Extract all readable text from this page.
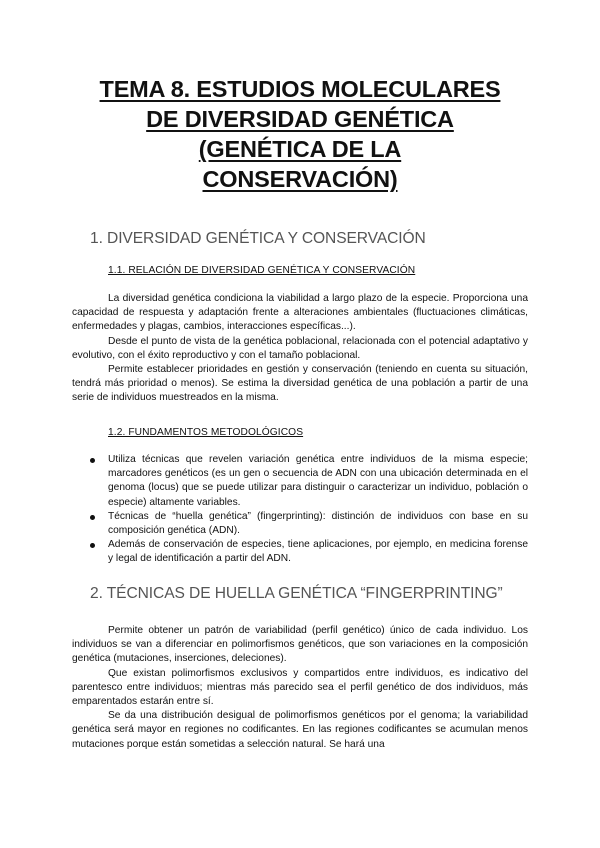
TEMA 8. ESTUDIOS MOLECULARES
DE DIVERSIDAD GENÉTICA
(GENÉTICA DE LA
CONSERVACIÓN)
1. DIVERSIDAD GENÉTICA Y CONSERVACIÓN
1.1. RELACIÓN DE DIVERSIDAD GENÉTICA Y CONSERVACIÓN

La diversidad genética condiciona la viabilidad a largo plazo de la especie. Proporciona una capacidad de respuesta y adaptación frente a alteraciones ambientales (fluctuaciones climáticas, enfermedades y plagas, cambios, interacciones específicas...).

Desde el punto de vista de la genética poblacional, relacionada con el potencial adaptativo y evolutivo, con el éxito reproductivo y con el tamaño poblacional.

Permite establecer prioridades en gestión y conservación (teniendo en cuenta su situación, tendrá más prioridad o menos). Se estima la diversidad genética de una población a partir de una serie de individuos muestreados en la misma.

1.2. FUNDAMENTOS METODOLÓGICOS
Utiliza técnicas que revelen variación genética entre individuos de la misma especie; marcadores genéticos (es un gen o secuencia de ADN con una ubicación determinada en el genoma (locus) que se puede utilizar para distinguir o caracterizar un individuo, población o especie) altamente variables.
Técnicas de “huella genética” (fingerprinting): distinción de individuos con base en su composición genética (ADN).
Además de conservación de especies, tiene aplicaciones, por ejemplo, en medicina forense y legal de identificación a partir del ADN.
2. TÉCNICAS DE HUELLA GENÉTICA “FINGERPRINTING”

Permite obtener un patrón de variabilidad (perfil genético) único de cada individuo. Los individuos se van a diferenciar en polimorfismos genéticos, que son variaciones en la composición genética (mutaciones, inserciones, deleciones).

Que existan polimorfismos exclusivos y compartidos entre individuos, es indicativo del parentesco entre individuos; mientras más parecido sea el perfil genético de dos individuos, más emparentados estarán entre sí.

Se da una distribución desigual de polimorfismos genéticos por el genoma; la variabilidad genética será mayor en regiones no codificantes. En las regiones codificantes se acumulan menos mutaciones porque están sometidas a selección natural. Se hará una
